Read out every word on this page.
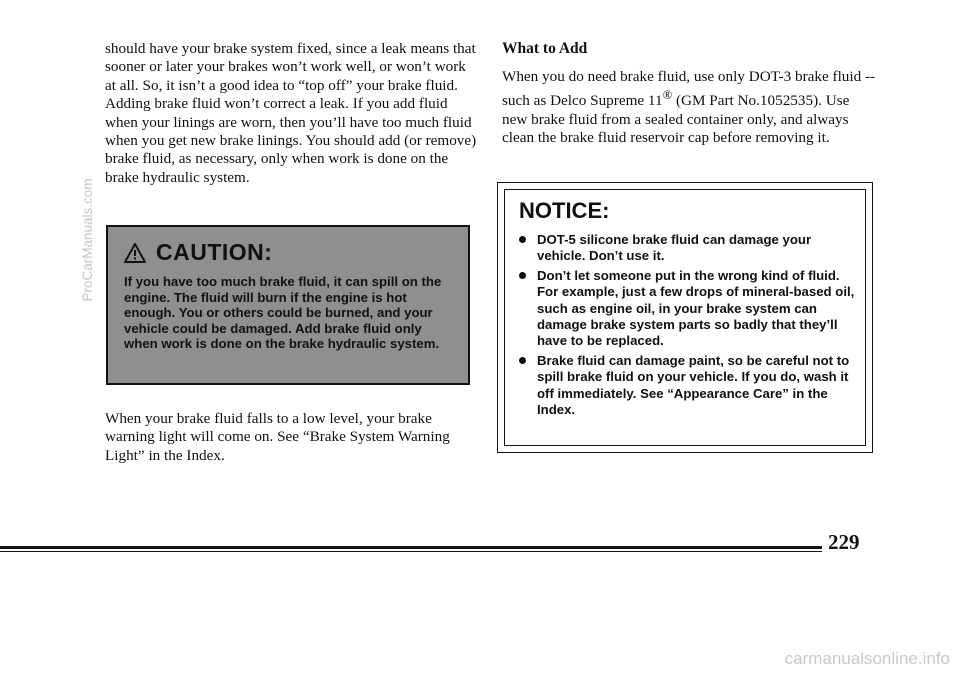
should have your brake system fixed, since a leak means that sooner or later your brakes won’t work well, or won’t work at all. So, it isn’t a good idea to “top off” your brake fluid. Adding brake fluid won’t correct a leak. If you add fluid when your linings are worn, then you’ll have too much fluid when you get new brake linings. You should add (or remove) brake fluid, as necessary, only when work is done on the brake hydraulic system.

CAUTION:

If you have too much brake fluid, it can spill on the engine. The fluid will burn if the engine is hot enough. You or others could be burned, and your vehicle could be damaged. Add brake fluid only when work is done on the brake hydraulic system.

When your brake fluid falls to a low level, your brake warning light will come on. See “Brake System Warning Light” in the Index.

What to Add

When you do need brake fluid, use only DOT-3 brake fluid -- such as Delco Supreme 11® (GM Part No.1052535). Use new brake fluid from a sealed container only, and always clean the brake fluid reservoir cap before removing it.

NOTICE:
DOT-5 silicone brake fluid can damage your vehicle. Don’t use it.
Don’t let someone put in the wrong kind of fluid. For example, just a few drops of mineral-based oil, such as engine oil, in your brake system can damage brake system parts so badly that they’ll have to be replaced.
Brake fluid can damage paint, so be careful not to spill brake fluid on your vehicle. If you do, wash it off immediately. See “Appearance Care” in the Index.
229
ProCarManuals.com
carmanualsonline.info
